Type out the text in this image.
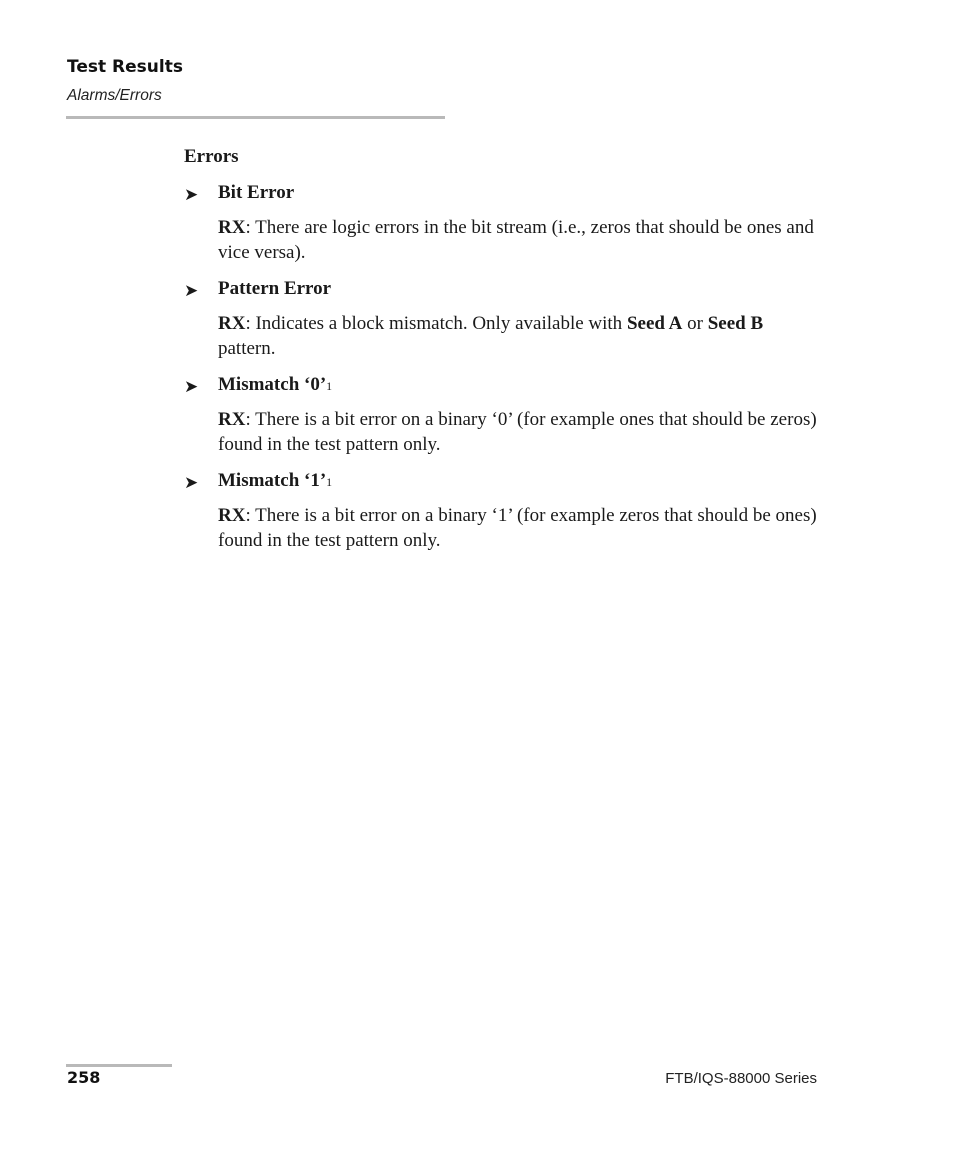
Test Results
Alarms/Errors
Errors
➤	Bit Error
RX: There are logic errors in the bit stream (i.e., zeros that should be ones and vice versa).
➤	Pattern Error
RX: Indicates a block mismatch. Only available with Seed A or Seed B pattern.
➤	Mismatch ‘0’ 1
RX: There is a bit error on a binary ‘0’ (for example ones that should be zeros) found in the test pattern only.
➤	Mismatch ‘1’ 1
RX: There is a bit error on a binary ‘1’ (for example zeros that should be ones) found in the test pattern only.
258	FTB/IQS-88000 Series
